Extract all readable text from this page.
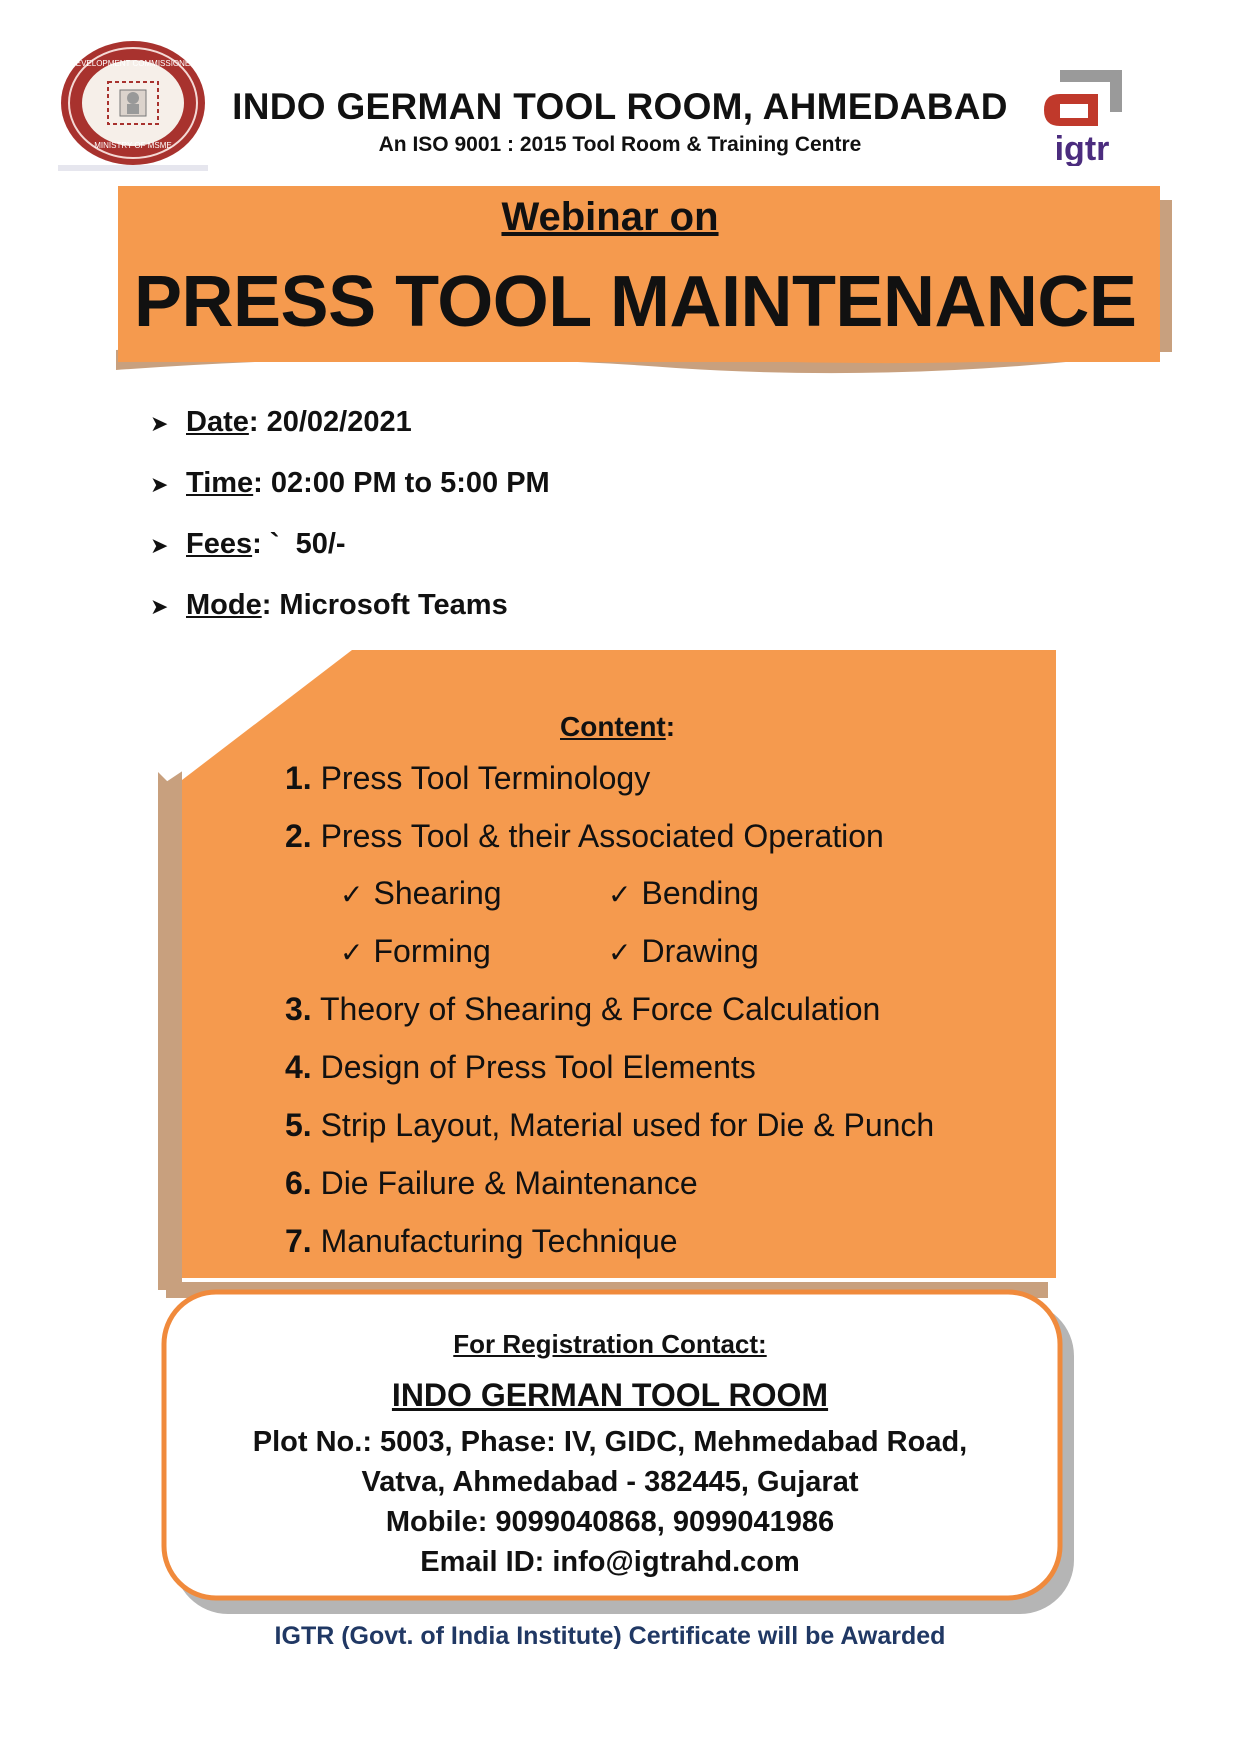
DEVELOPMENT COMMISSIONER
MINISTRY OF MSME
INDO GERMAN TOOL ROOM, AHMEDABAD
An ISO 9001 : 2015 Tool Room & Training Centre	igtr
Webinar on
PRESS TOOL MAINTENANCE
➤ Date: 20/02/2021
➤ Time: 02:00 PM to 5:00 PM
➤ Fees: `  50/-
➤ Mode: Microsoft Teams
Content:
1. Press Tool Terminology
2. Press Tool & their Associated Operation
✓ Shearing	✓ Bending
✓ Forming	✓ Drawing
3. Theory of Shearing & Force Calculation
4. Design of Press Tool Elements
5. Strip Layout, Material used for Die & Punch
6. Die Failure & Maintenance
7. Manufacturing Technique
For Registration Contact:
INDO GERMAN TOOL ROOM
Plot No.: 5003, Phase: IV, GIDC, Mehmedabad Road,
Vatva, Ahmedabad - 382445, Gujarat
Mobile: 9099040868, 9099041986
Email ID: info@igtrahd.com
IGTR (Govt. of India Institute) Certificate will be Awarded
